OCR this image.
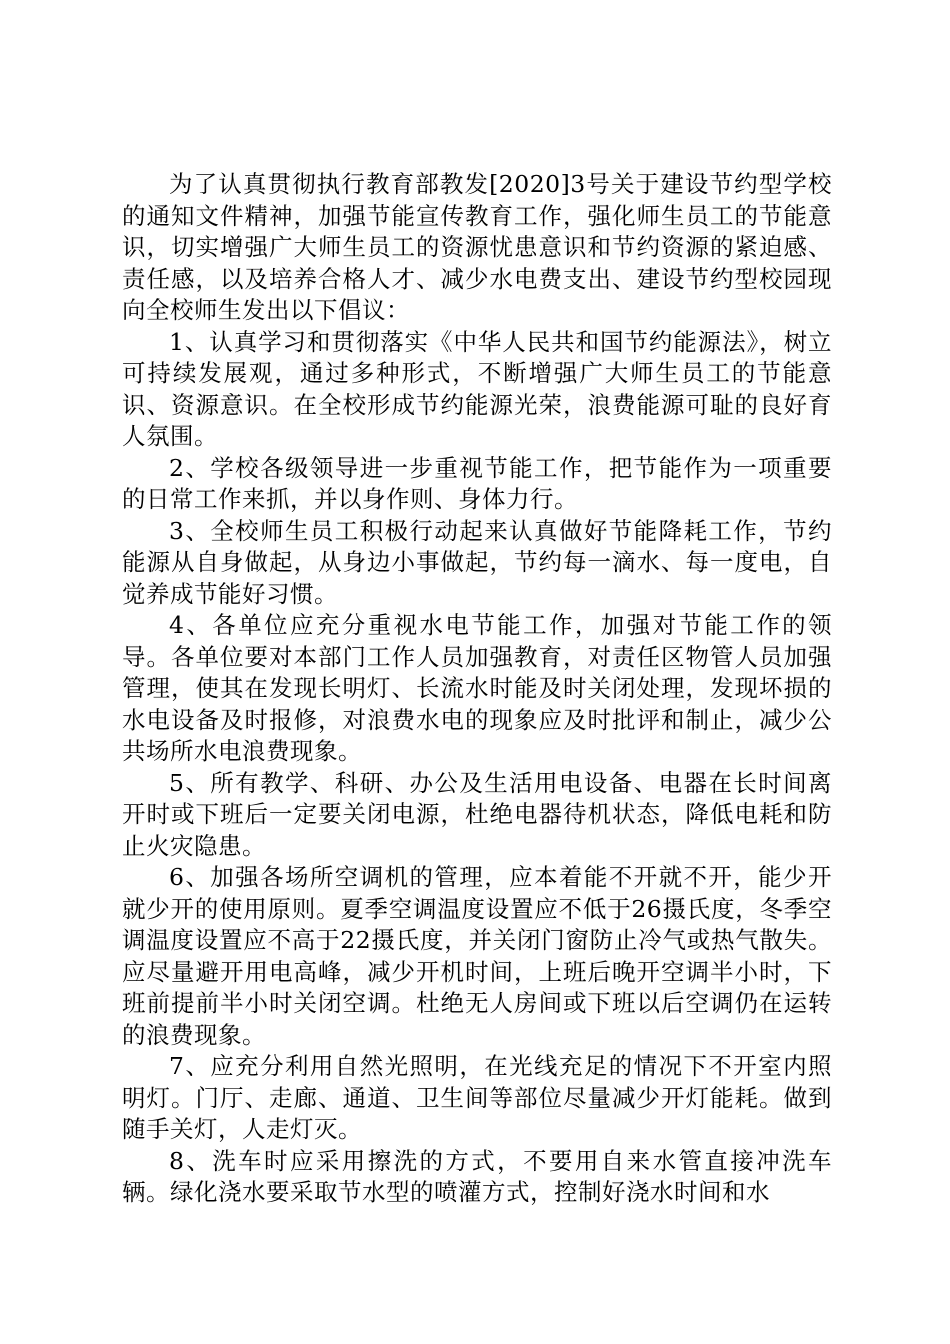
为了认真贯彻执行教育部教发[2020]3号关于建设节约型学校的通知文件精神，加强节能宣传教育工作，强化师生员工的节能意识，切实增强广大师生员工的资源忧患意识和节约资源的紧迫感、责任感，以及培养合格人才、减少水电费支出、建设节约型校园现向全校师生发出以下倡议：

1、认真学习和贯彻落实《中华人民共和国节约能源法》，树立可持续发展观，通过多种形式，不断增强广大师生员工的节能意识、资源意识。在全校形成节约能源光荣，浪费能源可耻的良好育人氛围。

2、学校各级领导进一步重视节能工作，把节能作为一项重要的日常工作来抓，并以身作则、身体力行。

3、全校师生员工积极行动起来认真做好节能降耗工作，节约能源从自身做起，从身边小事做起，节约每一滴水、每一度电，自觉养成节能好习惯。

4、各单位应充分重视水电节能工作，加强对节能工作的领导。各单位要对本部门工作人员加强教育，对责任区物管人员加强管理，使其在发现长明灯、长流水时能及时关闭处理，发现坏损的水电设备及时报修，对浪费水电的现象应及时批评和制止，减少公共场所水电浪费现象。

5、所有教学、科研、办公及生活用电设备、电器在长时间离开时或下班后一定要关闭电源，杜绝电器待机状态，降低电耗和防止火灾隐患。

6、加强各场所空调机的管理，应本着能不开就不开，能少开就少开的使用原则。夏季空调温度设置应不低于26摄氏度，冬季空调温度设置应不高于22摄氏度，并关闭门窗防止冷气或热气散失。应尽量避开用电高峰，减少开机时间，上班后晚开空调半小时，下班前提前半小时关闭空调。杜绝无人房间或下班以后空调仍在运转的浪费现象。

7、应充分利用自然光照明，在光线充足的情况下不开室内照明灯。门厅、走廊、通道、卫生间等部位尽量减少开灯能耗。做到随手关灯，人走灯灭。

8、洗车时应采用擦洗的方式，不要用自来水管直接冲洗车辆。绿化浇水要采取节水型的喷灌方式，控制好浇水时间和水
